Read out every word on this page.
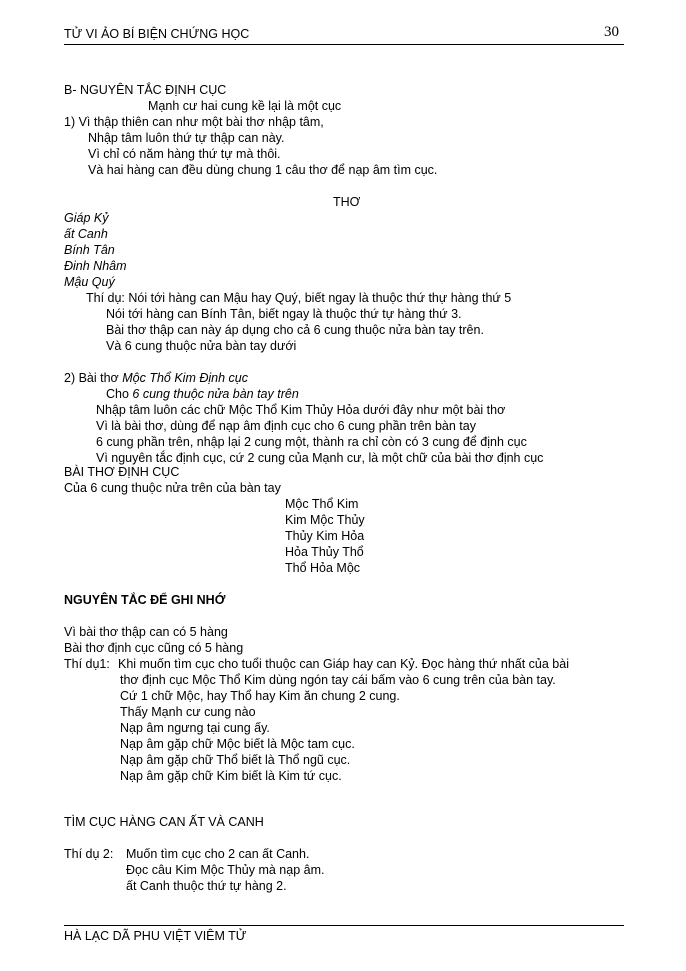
TỬ VI ẢO BÍ BIỆN CHỨNG HỌC	30
B- NGUYÊN TẮC ĐỊNH CỤC
Mạnh cư hai cung kề lại là một cục
1) Vì thập thiên can như một bài thơ nhập tâm,
Nhập tâm luôn thứ tự thập can này.
Vì chỉ có năm hàng thứ tự mà thôi.
Và hai hàng can đều dùng chung 1 câu thơ để nạp âm tìm cục.
THƠ
Giáp Kỷ
ất Canh
Bính Tân
Đinh Nhâm
Mậu Quý
Thí dụ: Nói tới hàng can Mậu hay Quý, biết ngay là thuộc thứ thự hàng thứ 5
Nói tới hàng can Bính Tân, biết ngay là thuộc thứ tự hàng thứ 3.
Bài thơ thập can này áp dụng cho cả 6 cung thuộc nửa bàn tay trên.
Và 6 cung thuộc nửa bàn tay dưới
2) Bài thơ Mộc Thổ Kim Định cục
Cho 6 cung thuộc nửa bàn tay trên
Nhập tâm luôn các chữ Mộc Thổ Kim Thủy Hỏa dưới đây như một bài thơ
Vì là bài thơ, dùng để nạp âm định cục cho 6 cung phần trên bàn tay
6 cung phần trên, nhập lại 2 cung một, thành ra chỉ còn có 3 cung để định cục
Vì nguyên tắc định cục, cứ 2 cung của Mạnh cư, là một chữ của bài thơ định cục
BÀI THƠ ĐỊNH CỤC
Của 6 cung thuộc nửa trên của bàn tay
Mộc Thổ Kim
Kim Mộc Thủy
Thủy Kim Hỏa
Hỏa Thủy Thổ
Thổ Hỏa Mộc
NGUYÊN TẮC ĐỂ GHI NHỚ
Vì bài thơ thập can có 5 hàng
Bài thơ định cục cũng có 5 hàng
Thí dụ1: Khi muốn tìm cục cho tuổi thuộc can Giáp hay can Kỷ. Đọc hàng thứ nhất của bài
thơ định cục Mộc Thổ Kim dùng ngón tay cái bấm vào 6 cung trên của bàn tay.
Cứ 1 chữ Mộc, hay Thổ hay Kim ăn chung 2 cung.
Thấy Mạnh cư cung nào
Nạp âm ngưng tại cung ấy.
Nạp âm gặp chữ Mộc biết là Mộc tam cục.
Nạp âm gặp chữ Thổ biết là Thổ ngũ cục.
Nạp âm gặp chữ Kim biết là Kim tứ cục.
TÌM CỤC HÀNG CAN ẤT VÀ CANH
Thí dụ 2: Muốn tìm cục cho 2 can ất Canh.
Đọc câu Kim Mộc Thủy mà nạp âm.
ất Canh thuộc thứ tự hàng 2.
HÀ LẠC DÃ PHU VIỆT VIÊM TỬ
